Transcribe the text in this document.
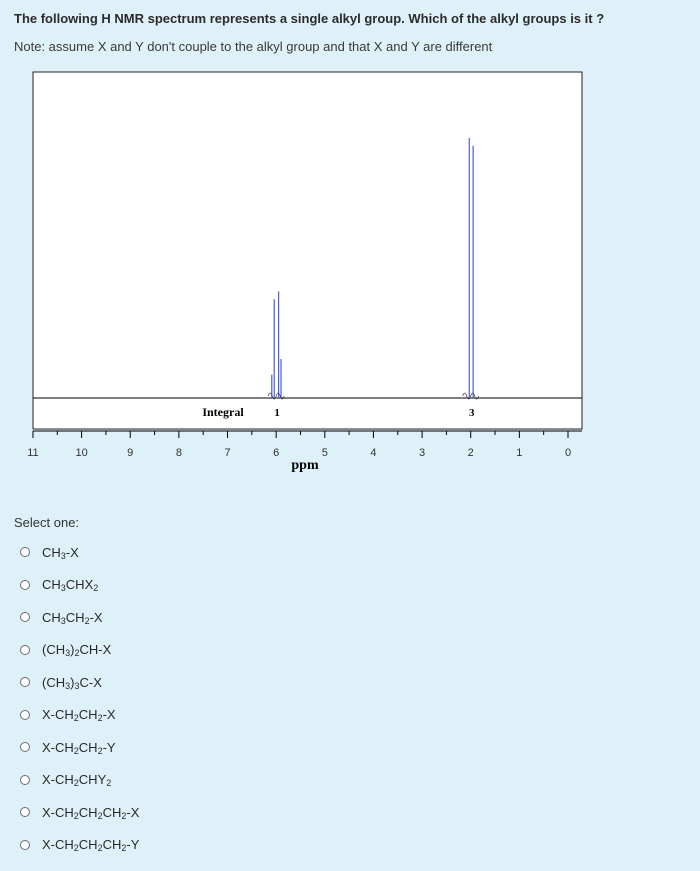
The following H NMR spectrum represents a single alkyl group. Which of the alkyl groups is it ?
Note: assume X and Y don't couple to the alkyl group and that X and Y are different
11	10	9	8	7	6	5	4	3	2	1	0
1	3
Integral
ppm
Select one:
$CH_3-X$
$CH_3CHX_2$
$CH_3CH_2-X$
$(CH_3)_2CH-X$
$(CH_3)_3C-X$
$X-CH_2CH_2-X$
$X-CH_2CH_2-Y$
$X-CH_2CHY_2$
$X-CH_2CH_2CH_2-X$
$X-CH_2CH_2CH_2-Y$
